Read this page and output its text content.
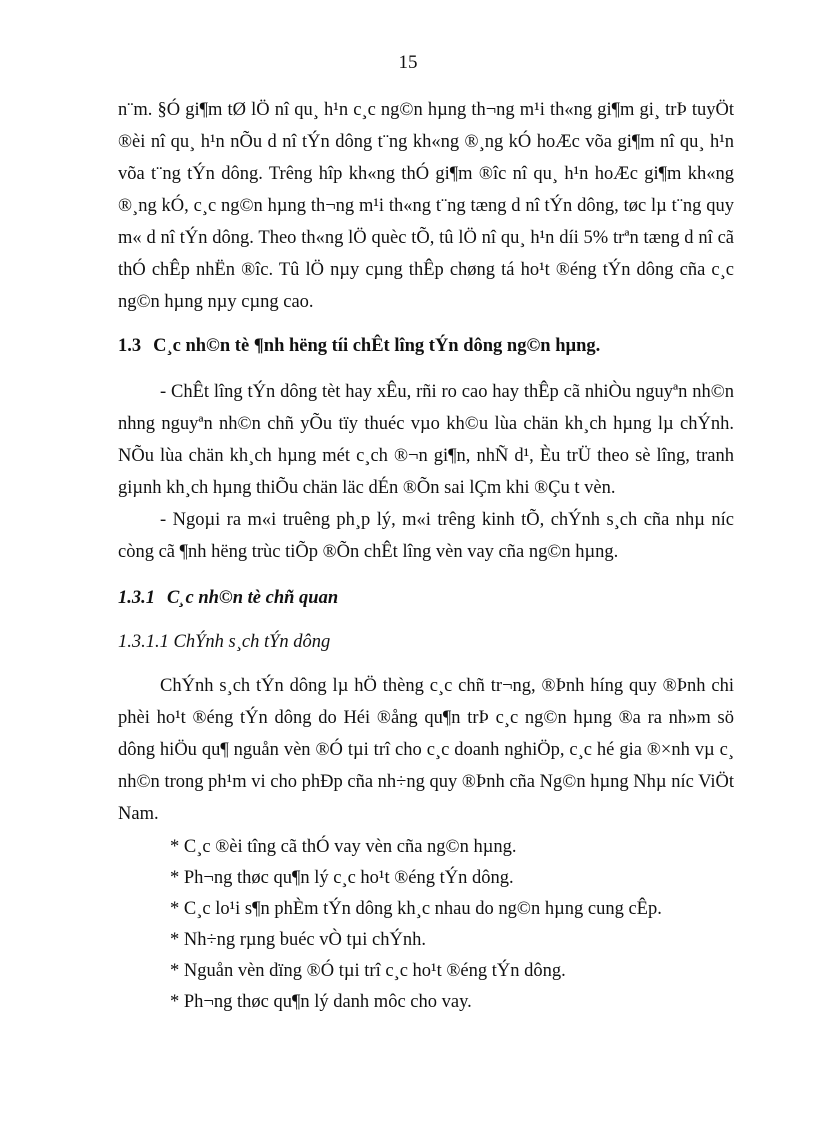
15

n¨m. §Ó gi¶m tØ lÖ nî qu¸ h¹n c¸c ng©n hµng th¬ng m¹i th«ng gi¶m gi¸ trÞ tuyÖt ®èi nî qu¸ h¹n nÕu d nî tÝn dông t¨ng kh«ng ®¸ng kÓ hoÆc võa gi¶m nî qu¸ h¹n võa t¨ng tÝn dông. Trêng hîp kh«ng thÓ gi¶m ®îc nî qu¸ h¹n hoÆc gi¶m kh«ng ®¸ng kÓ, c¸c ng©n hµng th¬ng m¹i th«ng t¨ng tæng d nî tÝn dông, tøc lµ t¨ng quy m« d nî tÝn dông. Theo th«ng lÖ quèc tÕ, tû lÖ nî qu¸ h¹n díi 5% trªn tæng d nî cã thÓ chÊp nhËn ®îc. Tû lÖ nµy cµng thÊp chøng tá ho¹t ®éng tÝn dông cña c¸c ng©n hµng nµy cµng cao.

1.3 C¸c nh©n tè ¶nh hëng tíi chÊt lîng tÝn dông ng©n hµng.

- ChÊt lîng tÝn dông tèt hay xÊu, rñi ro cao hay thÊp cã nhiÒu nguyªn nh©n nhng nguyªn nh©n chñ yÕu tïy thuéc vµo kh©u lùa chän kh¸ch hµng lµ chÝnh. NÕu lùa chän kh¸ch hµng mét c¸ch ®¬n gi¶n, nhÑ d¹, Èu trÜ theo sè lîng, tranh giµnh kh¸ch hµng thiÕu chän läc dÉn ®Õn sai lÇm khi ®Çu t vèn.

- Ngoµi ra m«i truêng ph¸p lý, m«i trêng kinh tÕ, chÝnh s¸ch cña nhµ níc còng cã ¶nh hëng trùc tiÕp ®Õn chÊt lîng vèn vay cña ng©n hµng.

1.3.1 C¸c nh©n tè chñ quan
1.3.1.1 ChÝnh s¸ch tÝn dông

ChÝnh s¸ch tÝn dông lµ hÖ thèng c¸c chñ tr¬ng, ®Þnh híng quy ®Þnh chi phèi ho¹t ®éng tÝn dông do Héi ®ång qu¶n trÞ c¸c ng©n hµng ®a ra nh»m sö dông hiÖu qu¶ nguån vèn ®Ó tµi trî cho c¸c doanh nghiÖp, c¸c hé gia ®×nh vµ c¸ nh©n trong ph¹m vi cho phÐp cña nh÷ng quy ®Þnh cña Ng©n hµng Nhµ níc ViÖt Nam.

* C¸c ®èi tîng cã thÓ vay vèn cña ng©n hµng.
* Ph¬ng thøc qu¶n lý c¸c ho¹t ®éng tÝn dông.
* C¸c lo¹i s¶n phÈm tÝn dông kh¸c nhau do ng©n hµng cung cÊp.
* Nh÷ng rµng buéc vÒ tµi chÝnh.
* Nguån vèn dïng ®Ó tµi trî c¸c ho¹t ®éng tÝn dông.
* Ph¬ng thøc qu¶n lý danh môc cho vay.
